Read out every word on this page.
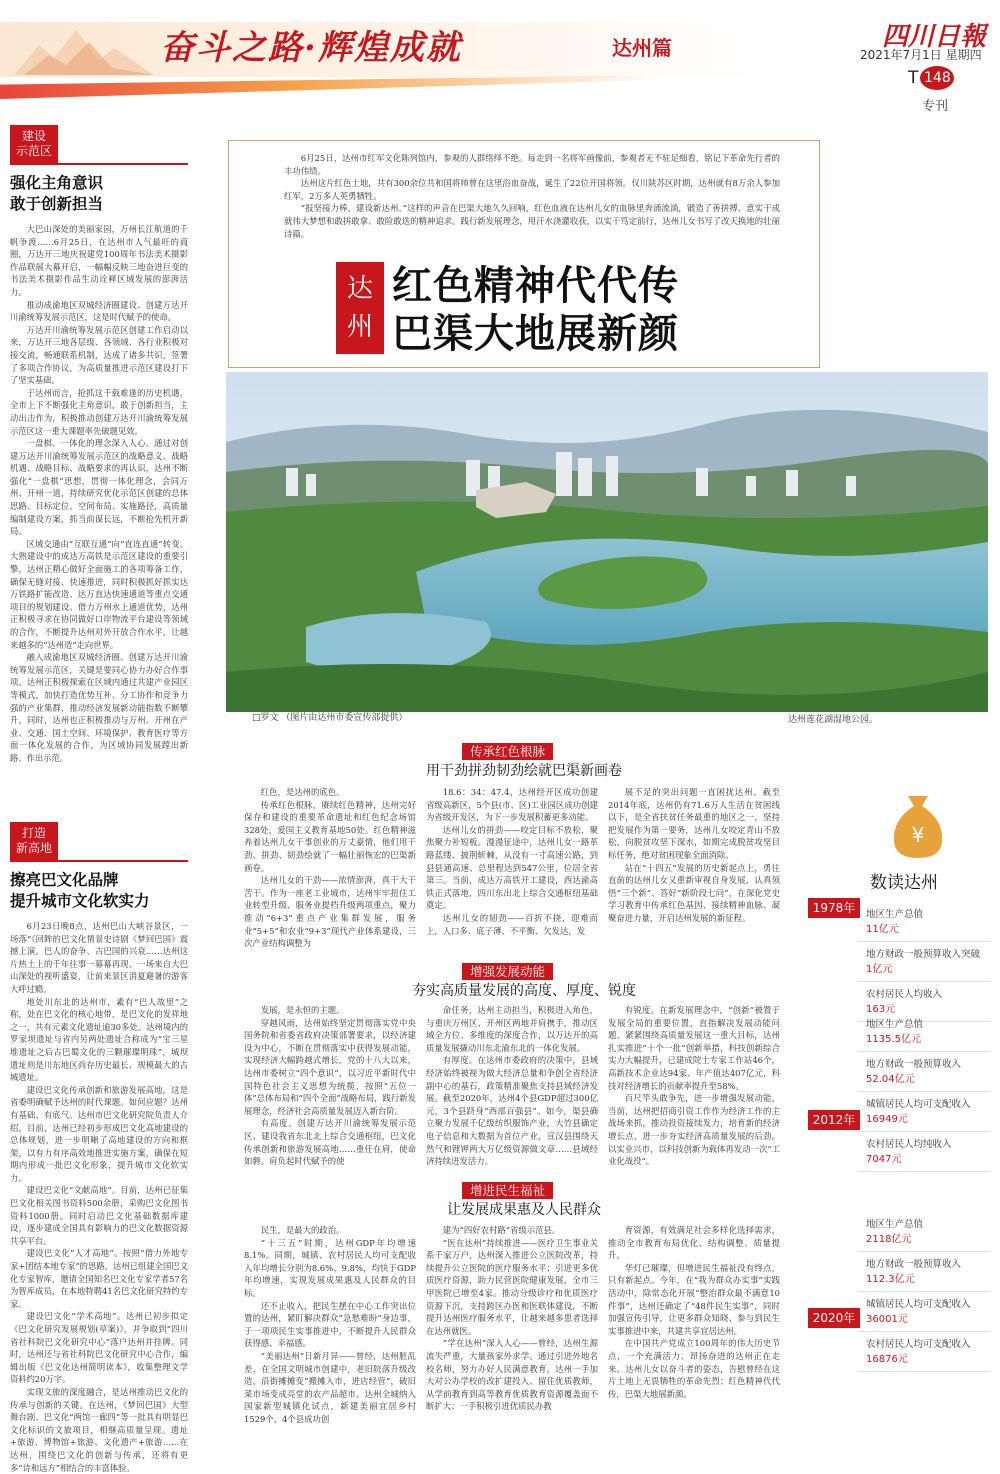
奋斗之路·辉煌成就	达州篇	四川日報
2021年7月1日 星期四
T 148
专刊
建设
示范区
强化主角意识
敢于创新担当

大巴山深处的美丽家园，万州长江航道的千帆争渡……6月25日，在达州市人气最旺的商圈，万达开三地庆祝建党100周年书法美术摄影作品联展大幕开启，一幅幅反映三地奋进巨变的书法美术摄影作品生动诠释区域发展的澎湃活力。

推动成渝地区双城经济圈建设、创建万达开川渝统筹发展示范区，这是时代赋予的使命。

万达开川渝统筹发展示范区创建工作启动以来，万达开三地各层级、各领域、各行业积极对接交流，畅通联系机制，达成了诸多共识，签署了多项合作协议，为高质量推进示范区建设打下了坚实基础。

于达州而言，抢抓这千载难逢的历史机遇，全市上下不断强化主角意识，敢于创新担当，主动出击作为，积极推动创建万达开川渝统筹发展示范区这一重大课题率先破题见效。

一盘棋、一体化的理念深入人心。通过对创建万达开川渝统筹发展示范区的战略意义、战略机遇、战略目标、战略要求的再认识，达州不断强化“一盘棋”思想，贯彻一体化理念，会同万州、开州一道，持续研究优化示范区创建的总体思路、目标定位、空间布局、实施路径，高质量编制建设方案，抓当前谋长远，不断抢先机开新局。

区域交通由“互联互通”向“直连直通”转变。大熟建设中的成达万高铁是示范区建设的重要引擎，达州正精心做好全面施工的各项筹备工作，确保无缝对接、快速推进，同时积极抓好抓实达万铁路扩能改造、达万直达快速通道等重点交通项目的规划建设。借力万州水上通道优势，达州正积极寻求在协同做好口岸物流平台建设等领域的合作，不断提升达州对外开放合作水平，让越来越多的“达州造”走向世界。

融入成渝地区双城经济圈、创建万达开川渝统筹发展示范区，关键是要同心协力办好合作事项。达州正积极探索在区域内通过共建产业园区等模式，加快打造优势互补、分工协作和竞争力强的产业集群，推动经济发展新动能指数不断攀升。同时，达州也正积极推动与万州、开州在产业、交通、国土空间、环境保护、教育医疗等方面一体化发展的合作，为区域协同发展蹚出新路、作出示范。

打造
新高地
擦亮巴文化品牌
提升城市文化软实力

6月23日晚8点，达州巴山大峡谷景区，一场落“《回眸的巴文化情景史诗剧《梦回巴国》震撼上演。巴人的奋争、古巴国的兴衰……达州这片热土上的千年往事一幕幕再现。一场来自大巴山深处的视听盛宴，让前来景区消夏避暑的游客大呼过瘾。

地处川东北的达州市，素有“巴人故里”之称，处在巴文化的核心地带，是巴文化的发祥地之一，共有元素文化遗址逾30多处。达州境内的罗家坝遗址与省内另两处遗址合称成为“宝三星堆遗址之后古巴蜀文化的三颗璀璨明珠”，城坝遗址则是川东地区尚存历史最长、规模最大的古城遗址。

建设巴文化传承创新和旅游发展高地，这是省委明确赋予达州的时代课题。如何应题？达州有基础、有底气。达州市巴文化研究院负责人介绍，目前，达州已经初步形成巴文化高地建设的总体规划，进一步明晰了高地建设的方向和框架，以有力有序高效地推进实施方案，确保在短期内形成一批巴文化形象，提升城市文化软实力。

建设巴文化“文献高地”。目前，达州已征集巴文化相关图书资料500余册，采购巴文化图书资料1000册。同时启动巴文化基础数据库建设，逐步建成全国具有影响力的巴文化数据资源共享平台。

建设巴文化“人才高地”。按照“借力外地专家+团结本地专家”的思路，达州已组建全国巴文化专家智库，邀请全国知名巴文化专家学者57名为智库成员，在本地特聘41名巴文化研究特约专家。

建设巴文化“学术高地”。达州已初步拟定《巴文化研究发展规划(草案)》，并争取到“四川省社科院巴文化研究中心”落户达州并挂牌。同时，达州还与省社科院巴文化研究中心合作，编辑出版《巴文化达州简明读本》，收集整理文学资料约20万字。

实现文旅的深度融合，是达州推动巴文化的传承与创新的关键。在达州，《梦回巴国》大型舞台剧、巴文化“两馆一廊四”等一批具有明显巴文化标识的文旅项目，相继高质量呈现。遗址+旅游、博物馆+旅游、文化遗产+旅游……在达州，围绕巴文化的创新与传承，还将有更多“诗和远方”相结合的丰富体验。

6月25日，达州市红军文化陈列馆内，参观的人群络绎不绝。每走到一名将军画像前，参观者无不驻足细看，铭记下革命先行者的丰功伟绩。

达州这片红色土地，共有300余位共和国将帅曾在这里浴血奋战，诞生了22位开国将领。仅川陕苏区时期，达州就有8万余人参加红军，2万多人英勇牺牲。

“报坚接力棒，建设新达州。”这样的声音在巴渠大地久久回响，红色血液在达州儿女的血脉里奔涌流淌，锻造了善拼搏、意实干成就伟大梦想和敢拼敢拿、敢险敢迭的精神追求。践行新发展理念，用汗水浇灌收获，以实干笃定前行，达州儿女书写了改天换地的壮丽诗篇。

达
州
红色精神代代传
巴渠大地展新颜
□罗文 （图片由达州市委宣传部提供）	达州莲花湖湿地公园。
传承红色根脉
用干劲拼劲韧劲绘就巴渠新画卷

红色，是达州的底色。

传承红色根脉，赓续红色精神，达州完好保存和建设的重要革命遗址和红色纪念场馆328处，爱国主义教育基地50处。红色精神滋养着达州儿女干事创业的万丈豪情，他们用干劲、拼劲、韧劲绘就了一幅壮丽恢宏的巴渠新画卷。

达州儿女的干劲——浓情澎湃，真干大干苦干。作为一座老工业城市，达州牢牢扭住工业转型升级、服务业提档升级两项重点，聚力推动“6+3”重点产业集群发展，服务业“5+5”和农业“9+3”现代产业体系建设，三次产业结构调整为

18.6：34：47.4，达州经开区成功创建省级高新区，5个县(市、区)工业园区成功创建为省级开发区，为下一步发展积蓄更多动能。

达州儿女的拼劲——咬定目标不放松，聚焦聚力补短板。漫漫征途中，达州儿女一路革路蓝缕、披荆斩棘，从没有一寸高速公路，到县县通高速、总里程达到547公里，位居全省第三。当前，成达万高铁开工建设，西达渝高铁正式落地，四川东出北上综合交通枢纽基础奠定。

达州儿女的韧劲——百折不挠，迎难而上，人口多、底子薄、不平衡、欠发达，发

展不足的突出问题一直困扰达州。截至2014年底，达州仍有71.6万人生活在贫困线以下，是全省扶贫任务最重的地区之一，坚持把发展作为第一要务，达州儿女咬定青山不放松，向脱贫攻坚下深水，如期完成脱贫攻坚目标任务，绝对贫困现象全面消除。

站在“十四五”发展的历史新起点上，勇往直前的达州儿女又重新审视自身发展，认真领悟“三个新”、答好“新阶段七问”，在深化党史学习教育中传承红色基因、接续精神血脉、凝聚奋进力量，开启达州发展的新征程。

增强发展动能
夯实高质量发展的高度、厚度、锐度

发展，是永恒的主题。

穿越风雨，达州始终坚定贯彻落实党中央国务院和省委省政府决策部署要求，以经济建设为中心，不断在贯彻落实中获得发展动能，实现经济大幅跨越式增长。党的十八大以来，达州市委树立“四个意识”，以习近平新时代中国特色社会主义思想为统揽，按照“五位一体”总体布局和“四个全面”战略布局，践行新发展理念，经济社会高质量发展迈入新台阶。

有高度。创建万达开川渝统筹发展示范区、建设我省东北北上综合交通枢纽，巴文化传承创新和旅游发展高地……重任在肩，使命如磐。肩负起时代赋予的使

命任务，达州主动担当，积极进入角色，与重庆万州区、开州区两地并肩携手，推动区域全方位、多维度的深度合作，以万达开的高质量发展撬动川东北渝东北的一体化发展。

有厚度。在达州市委政府的决策中，县域经济始终被视为做大经济总量和争创全省经济副中心的基石，政策精准聚焦支持县域经济发展。截至2020年，达州4个县GDP超过300亿元，3个县跻身“西部百强县”。如今，渠县确立聚力发展千亿级纺织服饰产业，大竹县确定电子信息和大数据为首位产业，宣汉县围绕天然气和锂钾两大万亿级资源做文章……县域经济持续迸发活力。

有锐度。在新发展理念中，“创新”被置于发展全局的重要位置，直指解决发展动能问题。紧紧围绕高质量发展这一重大目标，达州扎实推进“十个一批”创新举措，科技创新综合实力大幅提升，已建成院士专家工作站46个，高新技术企业达94家、年产值达407亿元，科技对经济增长的贡献率提升至58%。

百尺竿头敢争先，进一步增强发展动能，当前，达州把招商引资工作作为经济工作的主战场来抓，推动投资接续发力，培育新的经济增长点，进一步夯实经济高质量发展的后劲。以实业兴市，以科技创新为载体再发动一次“工业化战役”。

增进民生福祉
让发展成果惠及人民群众

民生，是最大的政治。

“十三五”时期，达州GDP年均增速8.1%。同期，城镇、农村居民人均可支配收入年均增长分别为8.6%、9.8%，均快于GDP年均增速，实现发展成果惠及人民群众的目标。

还不止收入，把民生摆在中心工作突出位置的达州，紧盯解决群众“急愁难盼”身边事，于一项项民生实事推进中，不断提升人民群众获得感、幸福感。

“美丽达州”日新月异——曾经，达州脏乱差，在全国文明城市创建中，老旧院落升级改造，沿街摊摊变“搬摊入市，进店经营”，破旧菜市场变成亮堂的农产品超市。达州全城纳入国家新型城镇化试点，新建美丽宜居乡村1529个，4个县成功创

建为“四好农村路”省级示范县。

“医在达州”持续推进——医疗卫生事业关系千家万户，达州深入推进公立医院改革，持续提升公立医院的医疗服务水平；引进更多优质医疗资源，助力民营医院健康发展，全市三甲医院已增至4家。推动分级诊疗和优质医疗资源下沉，支持跨区办医和医联体建设，不断提升达州医疗服务水平，让越来越多患者选择在达州就医。

“学在达州”深入人心——曾经，达州生源流失严重，大量孩家外求学。通过引进外地名校名师，努力办好人民满意教育，达州一手加大对公办学校的改扩建投入、留住优质教师，从学前教育到高等教育优质教育资源覆盖面不断扩大；一手积极引进优质民办教

育资源，有效满足社会多样化选择需求，推动全市教育布局优化、结构调整、质量提升。

华灯已璀璨，但增进民生福祉没有终点，只有新起点。今年，在“我为群众办实事”实践活动中，除常态化开展“整治群众最不满意10件事”，达州还确定了“48件民生实事”，同时加强宣传引导，让更多群众知晓、参与到民生实事推进中来，共建共享宜居达州。

在中国共产党成立100周年的伟大历史节点，一个充满活力、昂扬奋进的达州正在走来。达州儿女以奋斗者的姿态，告慰曾经在这片土地上无畏牺牲的革命先烈；红色精神代代传，巴渠大地展新颜。

¥
数读达州
1978年	地区生产总值
11亿元
地方财政一般预算收入突破
1亿元
农村居民人均收入
163元
2012年
地区生产总值
1135.5亿元
地方财政一般预算收入
52.04亿元
城镇居民人均可支配收入
16949元
农村居民人均纯收入
7047元
2020年
地区生产总值
2118亿元
地方财政一般预算收入
112.3亿元
城镇居民人均可支配收入
36001元
农村居民人均可支配收入
16876元
